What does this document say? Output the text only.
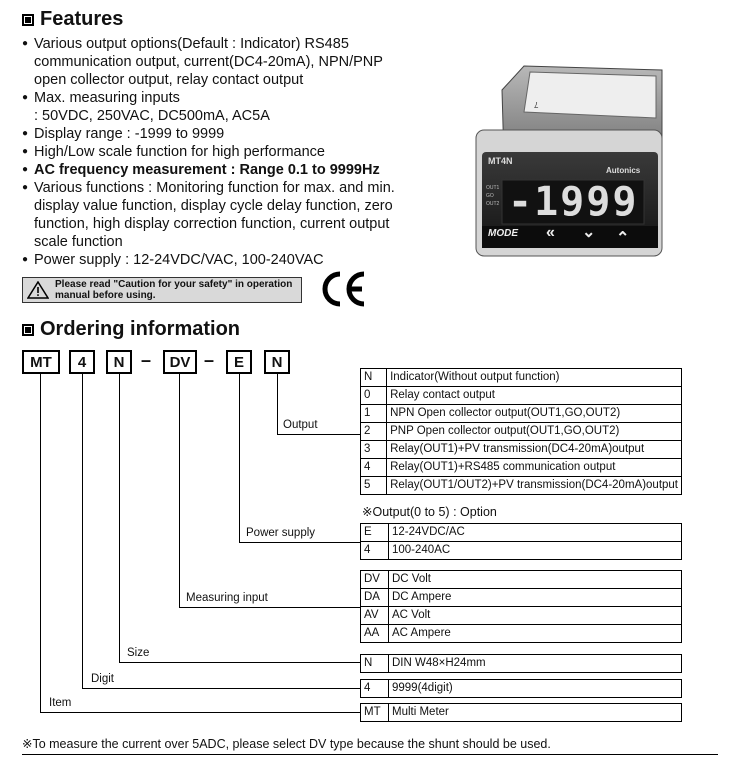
Features
● Various output options(Default : Indicator) RS485
communication output, current(DC4-20mA), NPN/PNP
open collector output, relay contact output
● Max. measuring inputs
: 50VDC, 250VAC, DC500mA, AC5A
● Display range : -1999 to 9999
● High/Low scale function for high performance
● AC frequency measurement : Range 0.1 to 9999Hz
● Various functions : Monitoring function for max. and min.
display value function, display cycle delay function, zero
function, high display correction function, current output
scale function
● Power supply : 12-24VDC/VAC, 100-240VAC
Please read "Caution for your safety" in operation manual before using.
7
MT4N
Autonics
OUT1
GO
OUT2 -1999
MODE « ⌄ ⌃
Ordering information
MT	4	N –	DV –	E	N
Output
Power supply
Measuring input
Size
Digit
Item
N	Indicator(Without output function)
0	Relay contact output
1	NPN Open collector output(OUT1,GO,OUT2)
2	PNP Open collector output(OUT1,GO,OUT2)
3	Relay(OUT1)+PV transmission(DC4-20mA)output
4	Relay(OUT1)+RS485 communication output
5	Relay(OUT1/OUT2)+PV transmission(DC4-20mA)output
※Output(0 to 5) : Option
E	12-24VDC/AC
4	100-240AC
DV	DC Volt
DA	DC Ampere
AV	AC Volt
AA	AC Ampere
N	DIN W48×H24mm
4	9999(4digit)
MT	Multi Meter
※To measure the current over 5ADC, please select DV type because the shunt should be used.
